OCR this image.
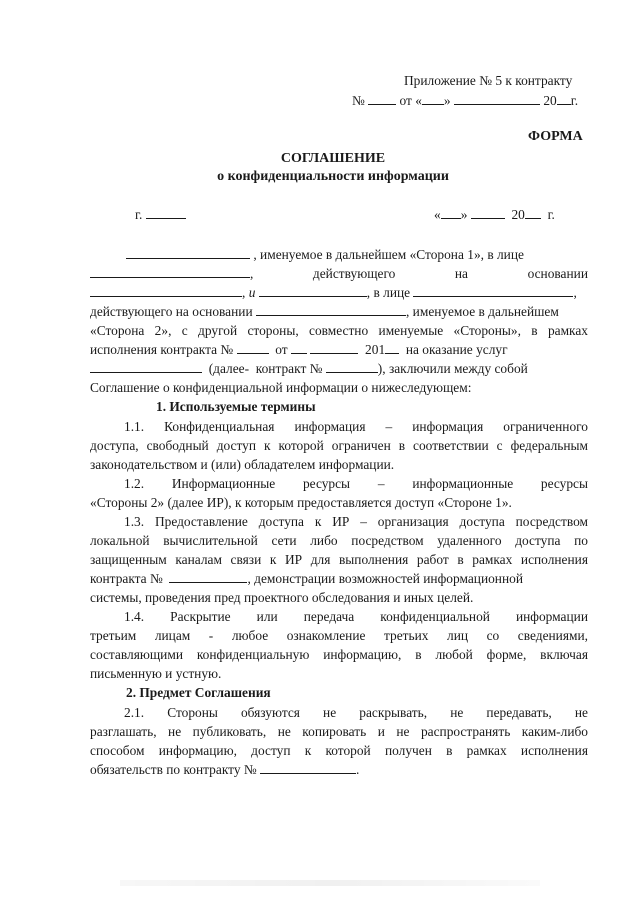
Приложение № 5 к контракту
№	от « »	20 г.
ФОРМА
СОГЛАШЕНИЕ
о конфиденциальности информации
г.	« »	20 г.
, именуемое в дальнейшем «Сторона 1», в лице
,	действующего	на	основании
, и	, в лице	,
действующего на основании	, именуемое в дальнейшем
«Сторона 2», с другой стороны, совместно именуемые «Стороны», в рамках
исполнения контракта №	от	201 на оказание услуг
(далее- контракт №	), заключили между собой
Соглашение о конфиденциальной информации о нижеследующем:
1. Используемые термины
1.1. Конфиденциальная информация – информация ограниченного
доступа, свободный доступ к которой ограничен в соответствии с федеральным
законодательством и (или) обладателем информации.
1.2. Информационные ресурсы – информационные ресурсы
«Стороны 2» (далее ИР), к которым предоставляется доступ «Стороне 1».
1.3. Предоставление доступа к ИР – организация доступа посредством
локальной вычислительной сети либо посредством удаленного доступа по
защищенным каналам связи к ИР для выполнения работ в рамках исполнения
контракта №	, демонстрации возможностей информационной
системы, проведения пред проектного обследования и иных целей.
1.4. Раскрытие или передача конфиденциальной информации
третьим лицам - любое ознакомление третьих лиц со сведениями,
составляющими конфиденциальную информацию, в любой форме, включая
письменную и устную.
2. Предмет Соглашения
2.1. Стороны обязуются не раскрывать, не передавать, не
разглашать, не публиковать, не копировать и не распространять каким-либо
способом информацию, доступ к которой получен в рамках исполнения
обязательств по контракту №	.
